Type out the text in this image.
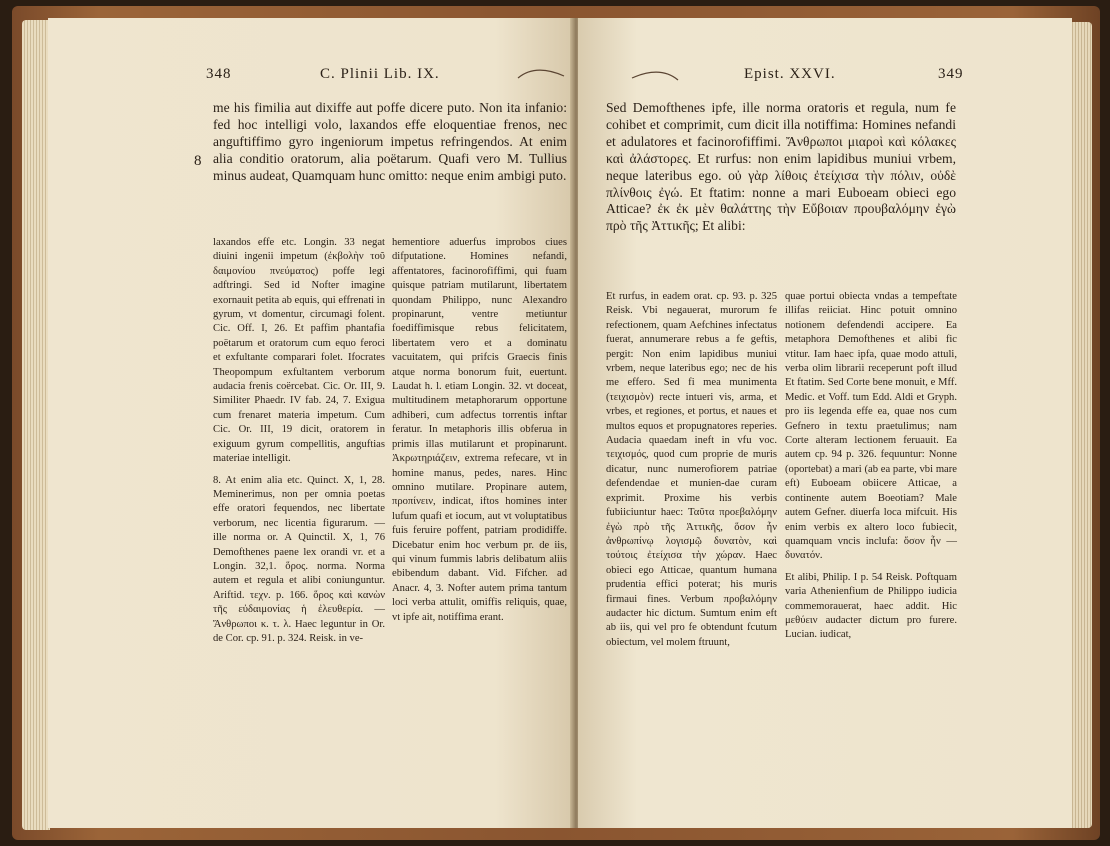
348	C. Plinii Lib. IX.
8

me his fimilia aut dixiffe aut poffe dicere puto. Non ita infanio: fed hoc intelligi volo, laxandos effe eloquentiae frenos, nec anguftiffimo gyro ingeniorum impetus refringendos. At enim alia conditio oratorum, alia poëtarum. Quafi vero M. Tullius minus audeat, Quamquam hunc omitto: neque enim ambigi puto.

laxandos effe etc. Longin. 33 negat diuini ingenii impetum (ἐκβολὴν τοῦ δαιμονίου πνεύματος) poffe legi adftringi. Sed id Nofter imagine exornauit petita ab equis, qui effrenati in gyrum, vt domentur, circumagi folent. Cic. Off. I, 26. Et paffim phantafia poëtarum et oratorum cum equo feroci et exfultante comparari folet. Ifocrates Theopompum exfultantem verborum audacia frenis coërcebat. Cic. Or. III, 9. Similiter Phaedr. IV fab. 24, 7. Exigua cum frenaret materia impetum. Cum Cic. Or. III, 19 dicit, oratorem in exiguum gyrum compellitis, anguftias materiae intelligit.

8. At enim alia etc. Quinct. X, 1, 28. Meminerimus, non per omnia poetas effe oratori fequendos, nec libertate verborum, nec licentia figurarum. — ille norma or. A Quinctil. X, 1, 76 Demofthenes paene lex orandi vr. et a Longin. 32,1. ὅρος. norma. Norma autem et regula et alibi coniunguntur. Ariftid. τεχν. p. 166. ὅρος καὶ κανὼν τῆς εὐδαιμονίας ἡ ἐλευθερία. — Ἄνθρωποι κ. τ. λ. Haec leguntur in Or. de Cor. cp. 91. p. 324. Reisk. in ve-

hementiore aduerfus improbos ciues difputatione. Homines nefandi, affentatores, facinorofiffimi, qui fuam quisque patriam mutilarunt, libertatem quondam Philippo, nunc Alexandro propinarunt, ventre metiuntur foediffimisque rebus felicitatem, libertatem vero et a dominatu vacuitatem, qui prifcis Graecis finis atque norma bonorum fuit, euertunt. Laudat h. l. etiam Longin. 32. vt doceat, multitudinem metaphorarum opportune adhiberi, cum adfectus torrentis inftar feratur. In metaphoris illis obferua in primis illas mutilarunt et propinarunt. Ἀκρωτηριάζειν, extrema refecare, vt in homine manus, pedes, nares. Hinc omnino mutilare. Propinare autem, προπίνειν, indicat, iftos homines inter lufum quafi et iocum, aut vt voluptatibus fuis feruire poffent, patriam prodidiffe. Dicebatur enim hoc verbum pr. de iis, qui vinum fummis labris delibatum aliis ebibendum dabant. Vid. Fifcher. ad Anacr. 4, 3. Nofter autem prima tantum loci verba attulit, omiffis reliquis, quae, vt ipfe ait, notiffima erant.

Epist. XXVI.	349

Sed Demofthenes ipfe, ille norma oratoris et regula, num fe cohibet et comprimit, cum dicit illa notiffima: Homines nefandi et adulatores et facinorofiffimi. Ἄνθρωποι μιαροὶ καὶ κόλακες καὶ ἀλάστορες. Et rurfus: non enim lapidibus muniui vrbem, neque lateribus ego. οὐ γὰρ λίθοις ἐτείχισα τὴν πόλιν, οὐδὲ πλίνθοις ἐγώ. Et ftatim: nonne a mari Euboeam obieci ego Atticae? ἐκ ἐκ μὲν θαλάττης τὴν Εὔβοιαν προυβαλόμην ἐγὼ πρὸ τῆς Ἀττικῆς; Et alibi:

Et rurfus, in eadem orat. cp. 93. p. 325 Reisk. Vbi negauerat, murorum fe refectionem, quam Aefchines infectatus fuerat, annumerare rebus a fe geftis, pergit: Non enim lapidibus muniui vrbem, neque lateribus ego; nec de his me effero. Sed fi mea munimenta (τειχισμὸν) recte intueri vis, arma, et vrbes, et regiones, et portus, et naues et multos equos et propugnatores reperies. Audacia quaedam ineft in vfu voc. τειχισμός, quod cum proprie de muris dicatur, nunc numerofiorem patriae defendendae et munien-dae curam exprimit. Proxime his verbis fubiiciuntur haec: Ταῦτα προεβαλόμην ἐγὼ πρὸ τῆς Ἀττικῆς, ὅσον ἦν ἀνθρωπίνῳ λογισμῷ δυνατὸν, καὶ τούτοις ἐτείχισα τὴν χώραν. Haec obieci ego Atticae, quantum humana prudentia effici poterat; his muris firmaui fines. Verbum προβαλόμην audacter hic dictum. Sumtum enim eft ab iis, qui vel pro fe obtendunt fcutum obiectum, vel molem ftruunt,

quae portui obiecta vndas a tempeftate illifas reiiciat. Hinc potuit omnino notionem defendendi accipere. Ea metaphora Demofthenes et alibi fic vtitur. Iam haec ipfa, quae modo attuli, verba olim librarii receperunt poft illud Et ftatim. Sed Corte bene monuit, e Mff. Medic. et Voff. tum Edd. Aldi et Gryph. pro iis legenda effe ea, quae nos cum Gefnero in textu praetulimus; nam Corte alteram lectionem feruauit. Ea autem cp. 94 p. 326. fequuntur: Nonne (oportebat) a mari (ab ea parte, vbi mare eft) Euboeam obiicere Atticae, a continente autem Boeotiam? Male autem Gefner. diuerfa loca mifcuit. His enim verbis ex altero loco fubiecit, quamquam vncis inclufa: ὅσον ἦν — δυνατόν.

Et alibi, Philip. I p. 54 Reisk. Poftquam varia Athenienfium de Philippo iudicia commemorauerat, haec addit. Hic μεθύειν audacter dictum pro furere. Lucian. iudicat,
